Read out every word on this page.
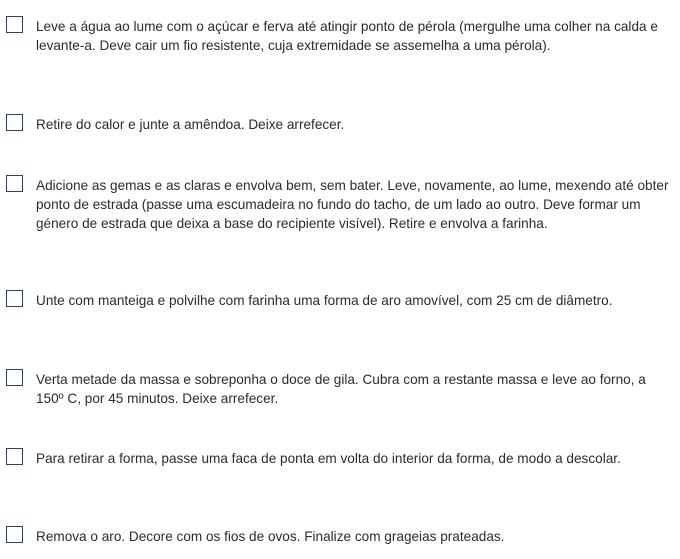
Leve a água ao lume com o açúcar e ferva até atingir ponto de pérola (mergulhe uma colher na calda e levante-a. Deve cair um fio resistente, cuja extremidade se assemelha a uma pérola).
Retire do calor e junte a amêndoa. Deixe arrefecer.
Adicione as gemas e as claras e envolva bem, sem bater. Leve, novamente, ao lume, mexendo até obter ponto de estrada (passe uma escumadeira no fundo do tacho, de um lado ao outro. Deve formar um género de estrada que deixa a base do recipiente visível). Retire e envolva a farinha.
Unte com manteiga e polvilhe com farinha uma forma de aro amovível, com 25 cm de diâmetro.
Verta metade da massa e sobreponha o doce de gila. Cubra com a restante massa e leve ao forno, a 150º C, por 45 minutos. Deixe arrefecer.
Para retirar a forma, passe uma faca de ponta em volta do interior da forma, de modo a descolar.
Remova o aro. Decore com os fios de ovos. Finalize com grageias prateadas.
